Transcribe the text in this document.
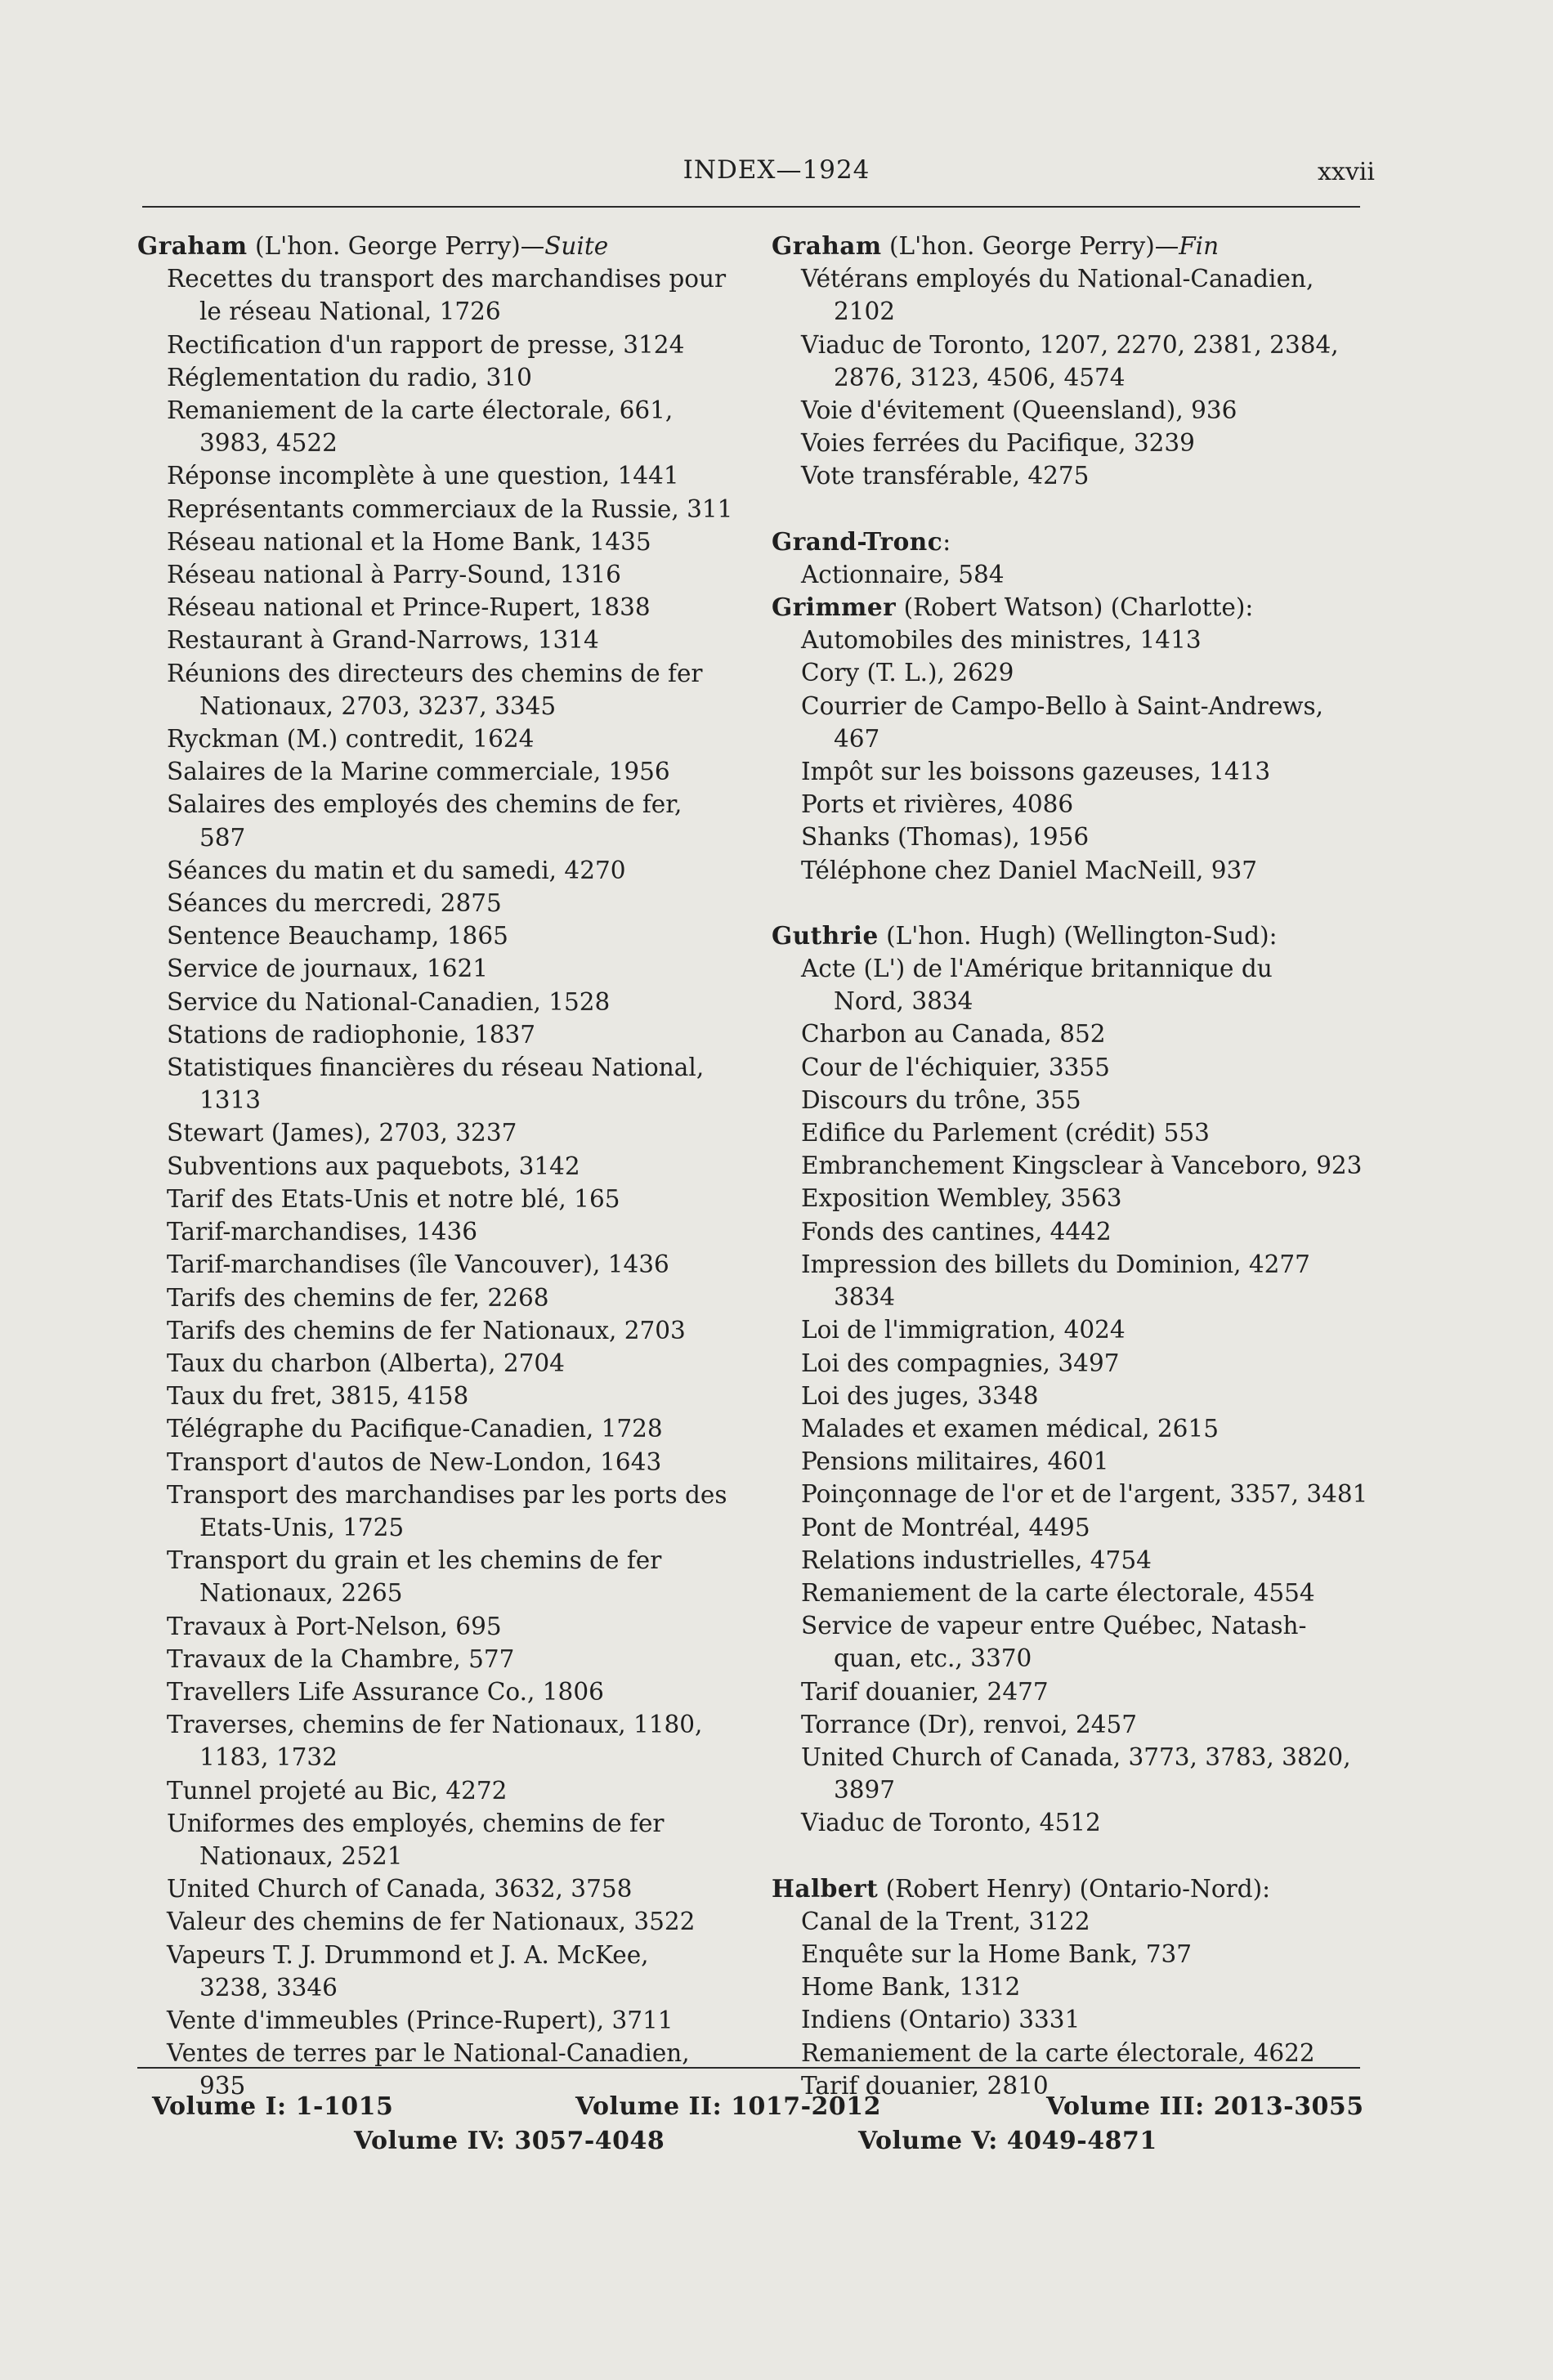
INDEX—1924	xxvii
Graham (L'hon. George Perry)—Suite
Recettes du transport des marchandises pour
le réseau National, 1726
Rectification d'un rapport de presse, 3124
Réglementation du radio, 310
Remaniement de la carte électorale, 661,
3983, 4522
Réponse incomplète à une question, 1441
Représentants commerciaux de la Russie, 311
Réseau national et la Home Bank, 1435
Réseau national à Parry-Sound, 1316
Réseau national et Prince-Rupert, 1838
Restaurant à Grand-Narrows, 1314
Réunions des directeurs des chemins de fer
Nationaux, 2703, 3237, 3345
Ryckman (M.) contredit, 1624
Salaires de la Marine commerciale, 1956
Salaires des employés des chemins de fer,
587
Séances du matin et du samedi, 4270
Séances du mercredi, 2875
Sentence Beauchamp, 1865
Service de journaux, 1621
Service du National-Canadien, 1528
Stations de radiophonie, 1837
Statistiques financières du réseau National,
1313
Stewart (James), 2703, 3237
Subventions aux paquebots, 3142
Tarif des Etats-Unis et notre blé, 165
Tarif-marchandises, 1436
Tarif-marchandises (île Vancouver), 1436
Tarifs des chemins de fer, 2268
Tarifs des chemins de fer Nationaux, 2703
Taux du charbon (Alberta), 2704
Taux du fret, 3815, 4158
Télégraphe du Pacifique-Canadien, 1728
Transport d'autos de New-London, 1643
Transport des marchandises par les ports des
Etats-Unis, 1725
Transport du grain et les chemins de fer
Nationaux, 2265
Travaux à Port-Nelson, 695
Travaux de la Chambre, 577
Travellers Life Assurance Co., 1806
Traverses, chemins de fer Nationaux, 1180,
1183, 1732
Tunnel projeté au Bic, 4272
Uniformes des employés, chemins de fer
Nationaux, 2521
United Church of Canada, 3632, 3758
Valeur des chemins de fer Nationaux, 3522
Vapeurs T. J. Drummond et J. A. McKee,
3238, 3346
Vente d'immeubles (Prince-Rupert), 3711
Ventes de terres par le National-Canadien,
935
Graham (L'hon. George Perry)—Fin
Vétérans employés du National-Canadien,
2102
Viaduc de Toronto, 1207, 2270, 2381, 2384,
2876, 3123, 4506, 4574
Voie d'évitement (Queensland), 936
Voies ferrées du Pacifique, 3239
Vote transférable, 4275
Grand-Tronc:
Actionnaire, 584
Grimmer (Robert Watson) (Charlotte):
Automobiles des ministres, 1413
Cory (T. L.), 2629
Courrier de Campo-Bello à Saint-Andrews,
467
Impôt sur les boissons gazeuses, 1413
Ports et rivières, 4086
Shanks (Thomas), 1956
Téléphone chez Daniel MacNeill, 937
Guthrie (L'hon. Hugh) (Wellington-Sud):
Acte (L') de l'Amérique britannique du
Nord, 3834
Charbon au Canada, 852
Cour de l'échiquier, 3355
Discours du trône, 355
Edifice du Parlement (crédit) 553
Embranchement Kingsclear à Vanceboro, 923
Exposition Wembley, 3563
Fonds des cantines, 4442
Impression des billets du Dominion, 4277
3834
Loi de l'immigration, 4024
Loi des compagnies, 3497
Loi des juges, 3348
Malades et examen médical, 2615
Pensions militaires, 4601
Poinçonnage de l'or et de l'argent, 3357, 3481
Pont de Montréal, 4495
Relations industrielles, 4754
Remaniement de la carte électorale, 4554
Service de vapeur entre Québec, Natash-
quan, etc., 3370
Tarif douanier, 2477
Torrance (Dr), renvoi, 2457
United Church of Canada, 3773, 3783, 3820,
3897
Viaduc de Toronto, 4512
Halbert (Robert Henry) (Ontario-Nord):
Canal de la Trent, 3122
Enquête sur la Home Bank, 737
Home Bank, 1312
Indiens (Ontario) 3331
Remaniement de la carte électorale, 4622
Tarif douanier, 2810
Volume I: 1-1015	Volume II: 1017-2012	Volume III: 2013-3055
Volume IV: 3057-4048	Volume V: 4049-4871
